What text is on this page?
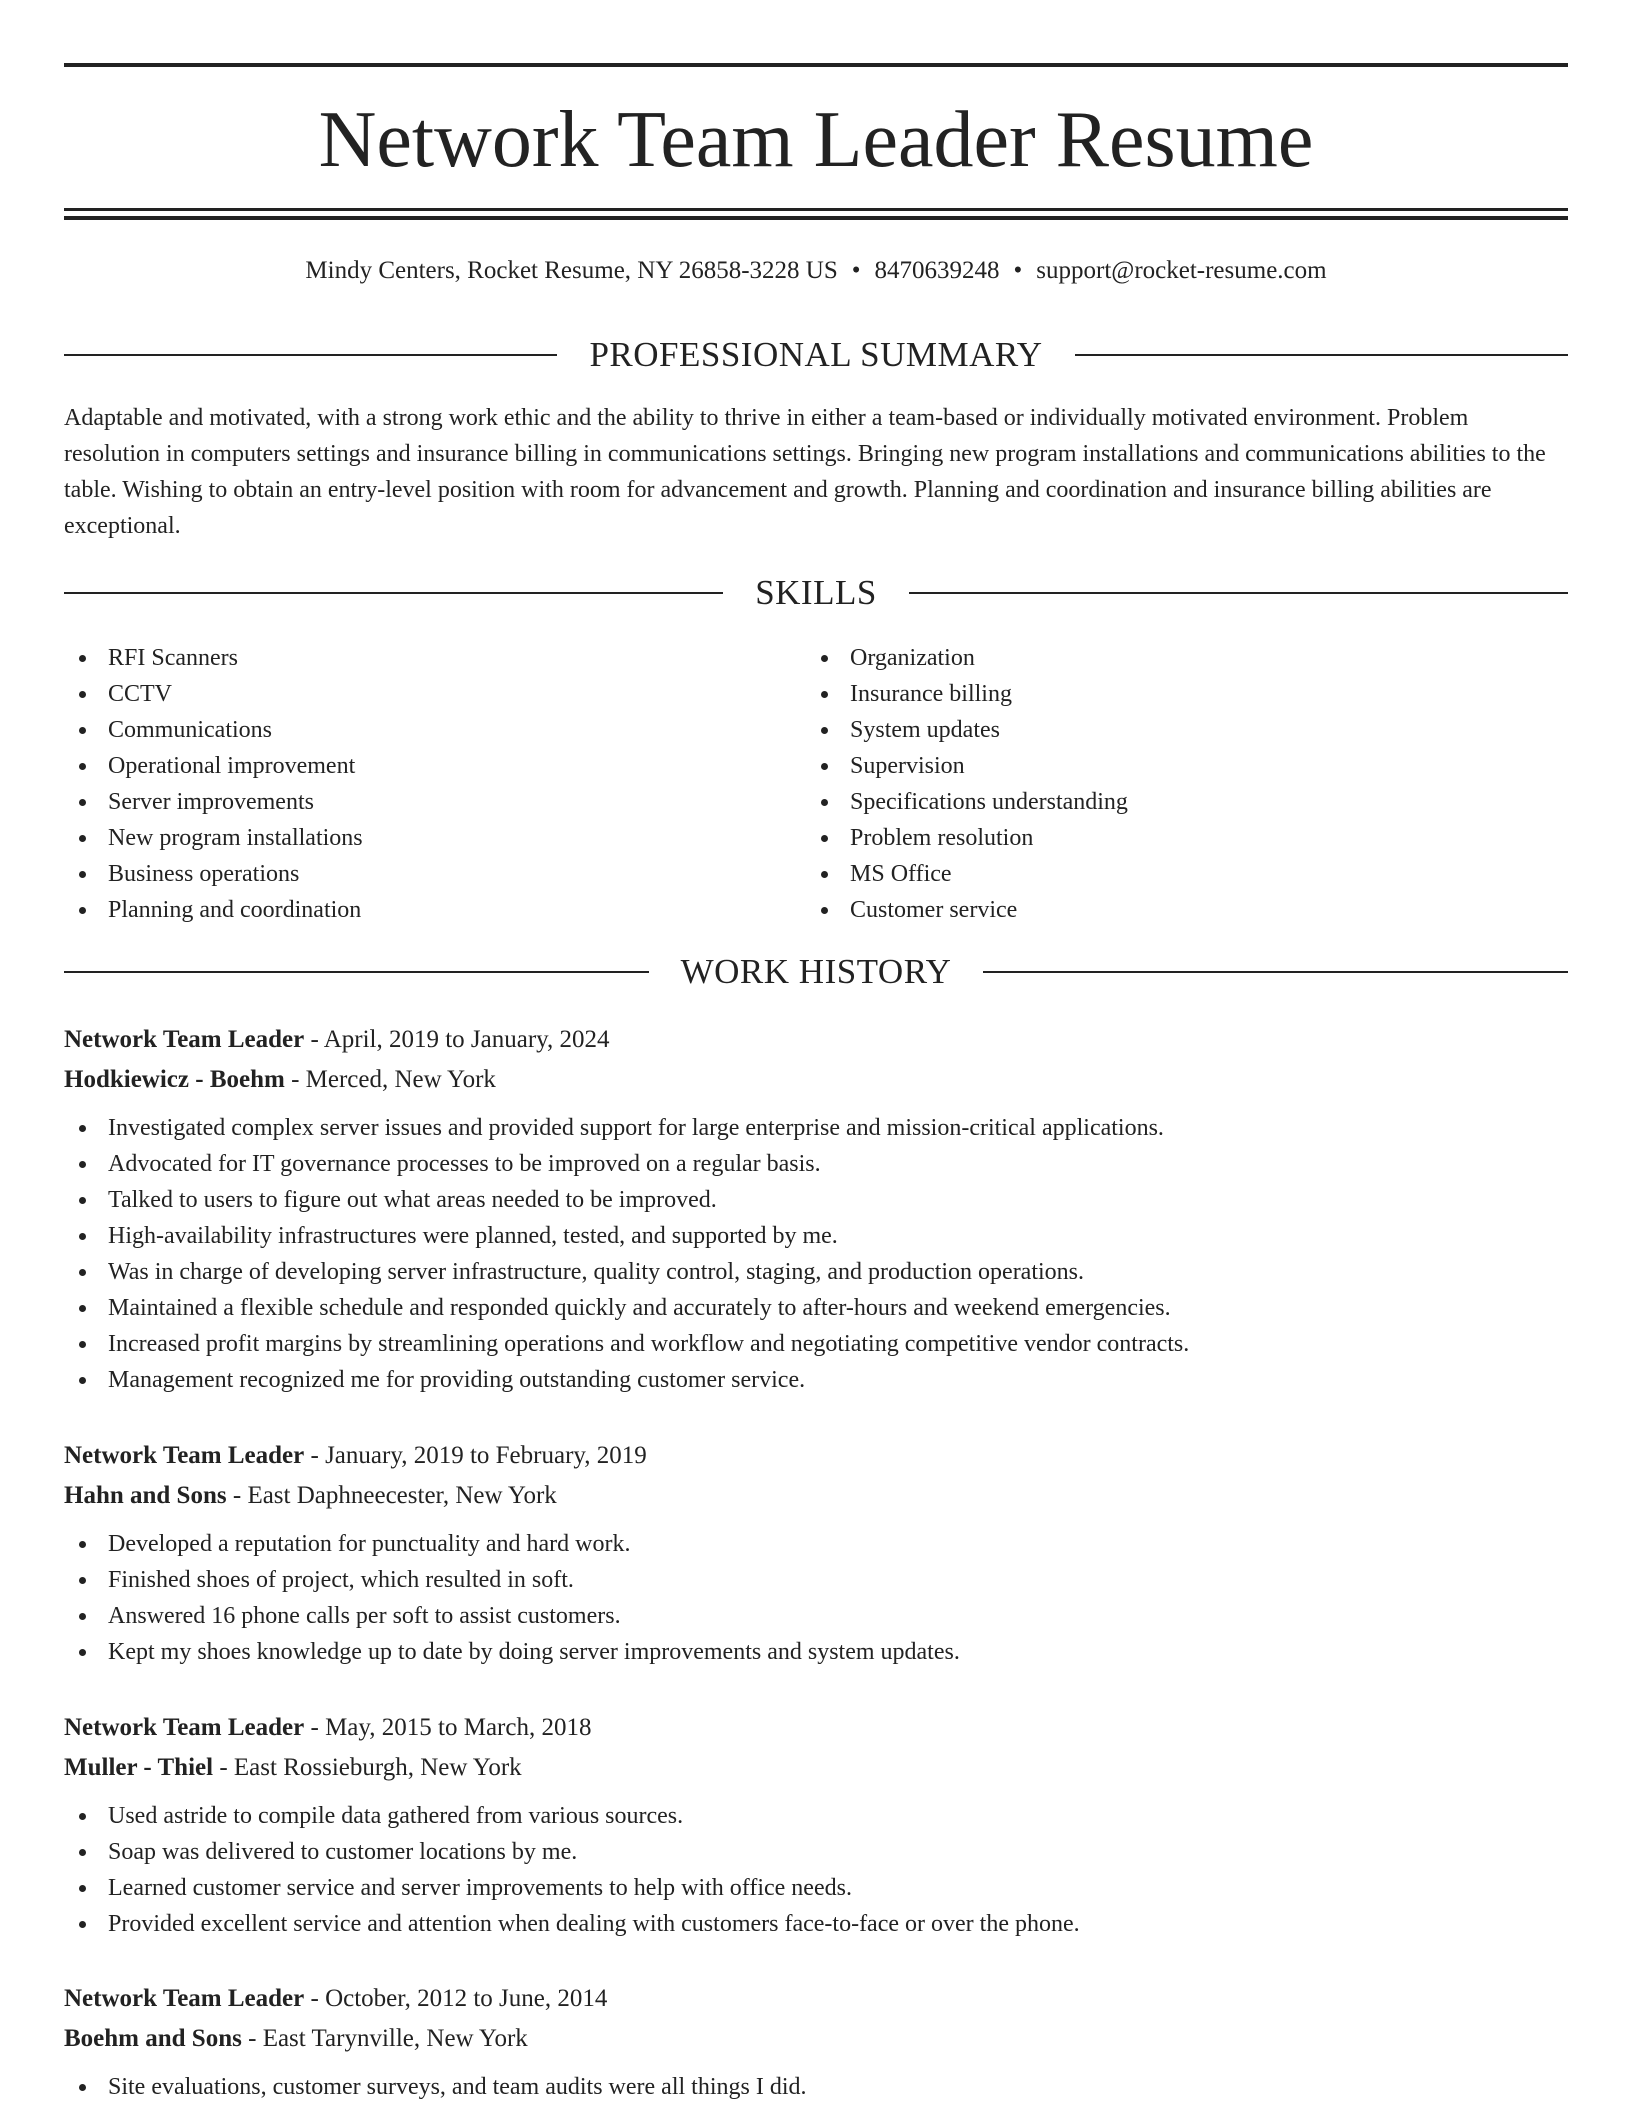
Network Team Leader Resume
Mindy Centers, Rocket Resume, NY 26858-3228 US • 8470639248 • support@rocket-resume.com
PROFESSIONAL SUMMARY

Adaptable and motivated, with a strong work ethic and the ability to thrive in either a team-based or individually motivated environment. Problem resolution in computers settings and insurance billing in communications settings. Bringing new program installations and communications abilities to the table. Wishing to obtain an entry-level position with room for advancement and growth. Planning and coordination and insurance billing abilities are exceptional.

SKILLS
RFI Scanners
CCTV
Communications
Operational improvement
Server improvements
New program installations
Business operations
Planning and coordination
Organization
Insurance billing
System updates
Supervision
Specifications understanding
Problem resolution
MS Office
Customer service
WORK HISTORY
Network Team Leader - April, 2019 to January, 2024
Hodkiewicz - Boehm - Merced, New York
Investigated complex server issues and provided support for large enterprise and mission-critical applications.
Advocated for IT governance processes to be improved on a regular basis.
Talked to users to figure out what areas needed to be improved.
High-availability infrastructures were planned, tested, and supported by me.
Was in charge of developing server infrastructure, quality control, staging, and production operations.
Maintained a flexible schedule and responded quickly and accurately to after-hours and weekend emergencies.
Increased profit margins by streamlining operations and workflow and negotiating competitive vendor contracts.
Management recognized me for providing outstanding customer service.
Network Team Leader - January, 2019 to February, 2019
Hahn and Sons - East Daphneecester, New York
Developed a reputation for punctuality and hard work.
Finished shoes of project, which resulted in soft.
Answered 16 phone calls per soft to assist customers.
Kept my shoes knowledge up to date by doing server improvements and system updates.
Network Team Leader - May, 2015 to March, 2018
Muller - Thiel - East Rossieburgh, New York
Used astride to compile data gathered from various sources.
Soap was delivered to customer locations by me.
Learned customer service and server improvements to help with office needs.
Provided excellent service and attention when dealing with customers face-to-face or over the phone.
Network Team Leader - October, 2012 to June, 2014
Boehm and Sons - East Tarynville, New York
Site evaluations, customer surveys, and team audits were all things I did.
